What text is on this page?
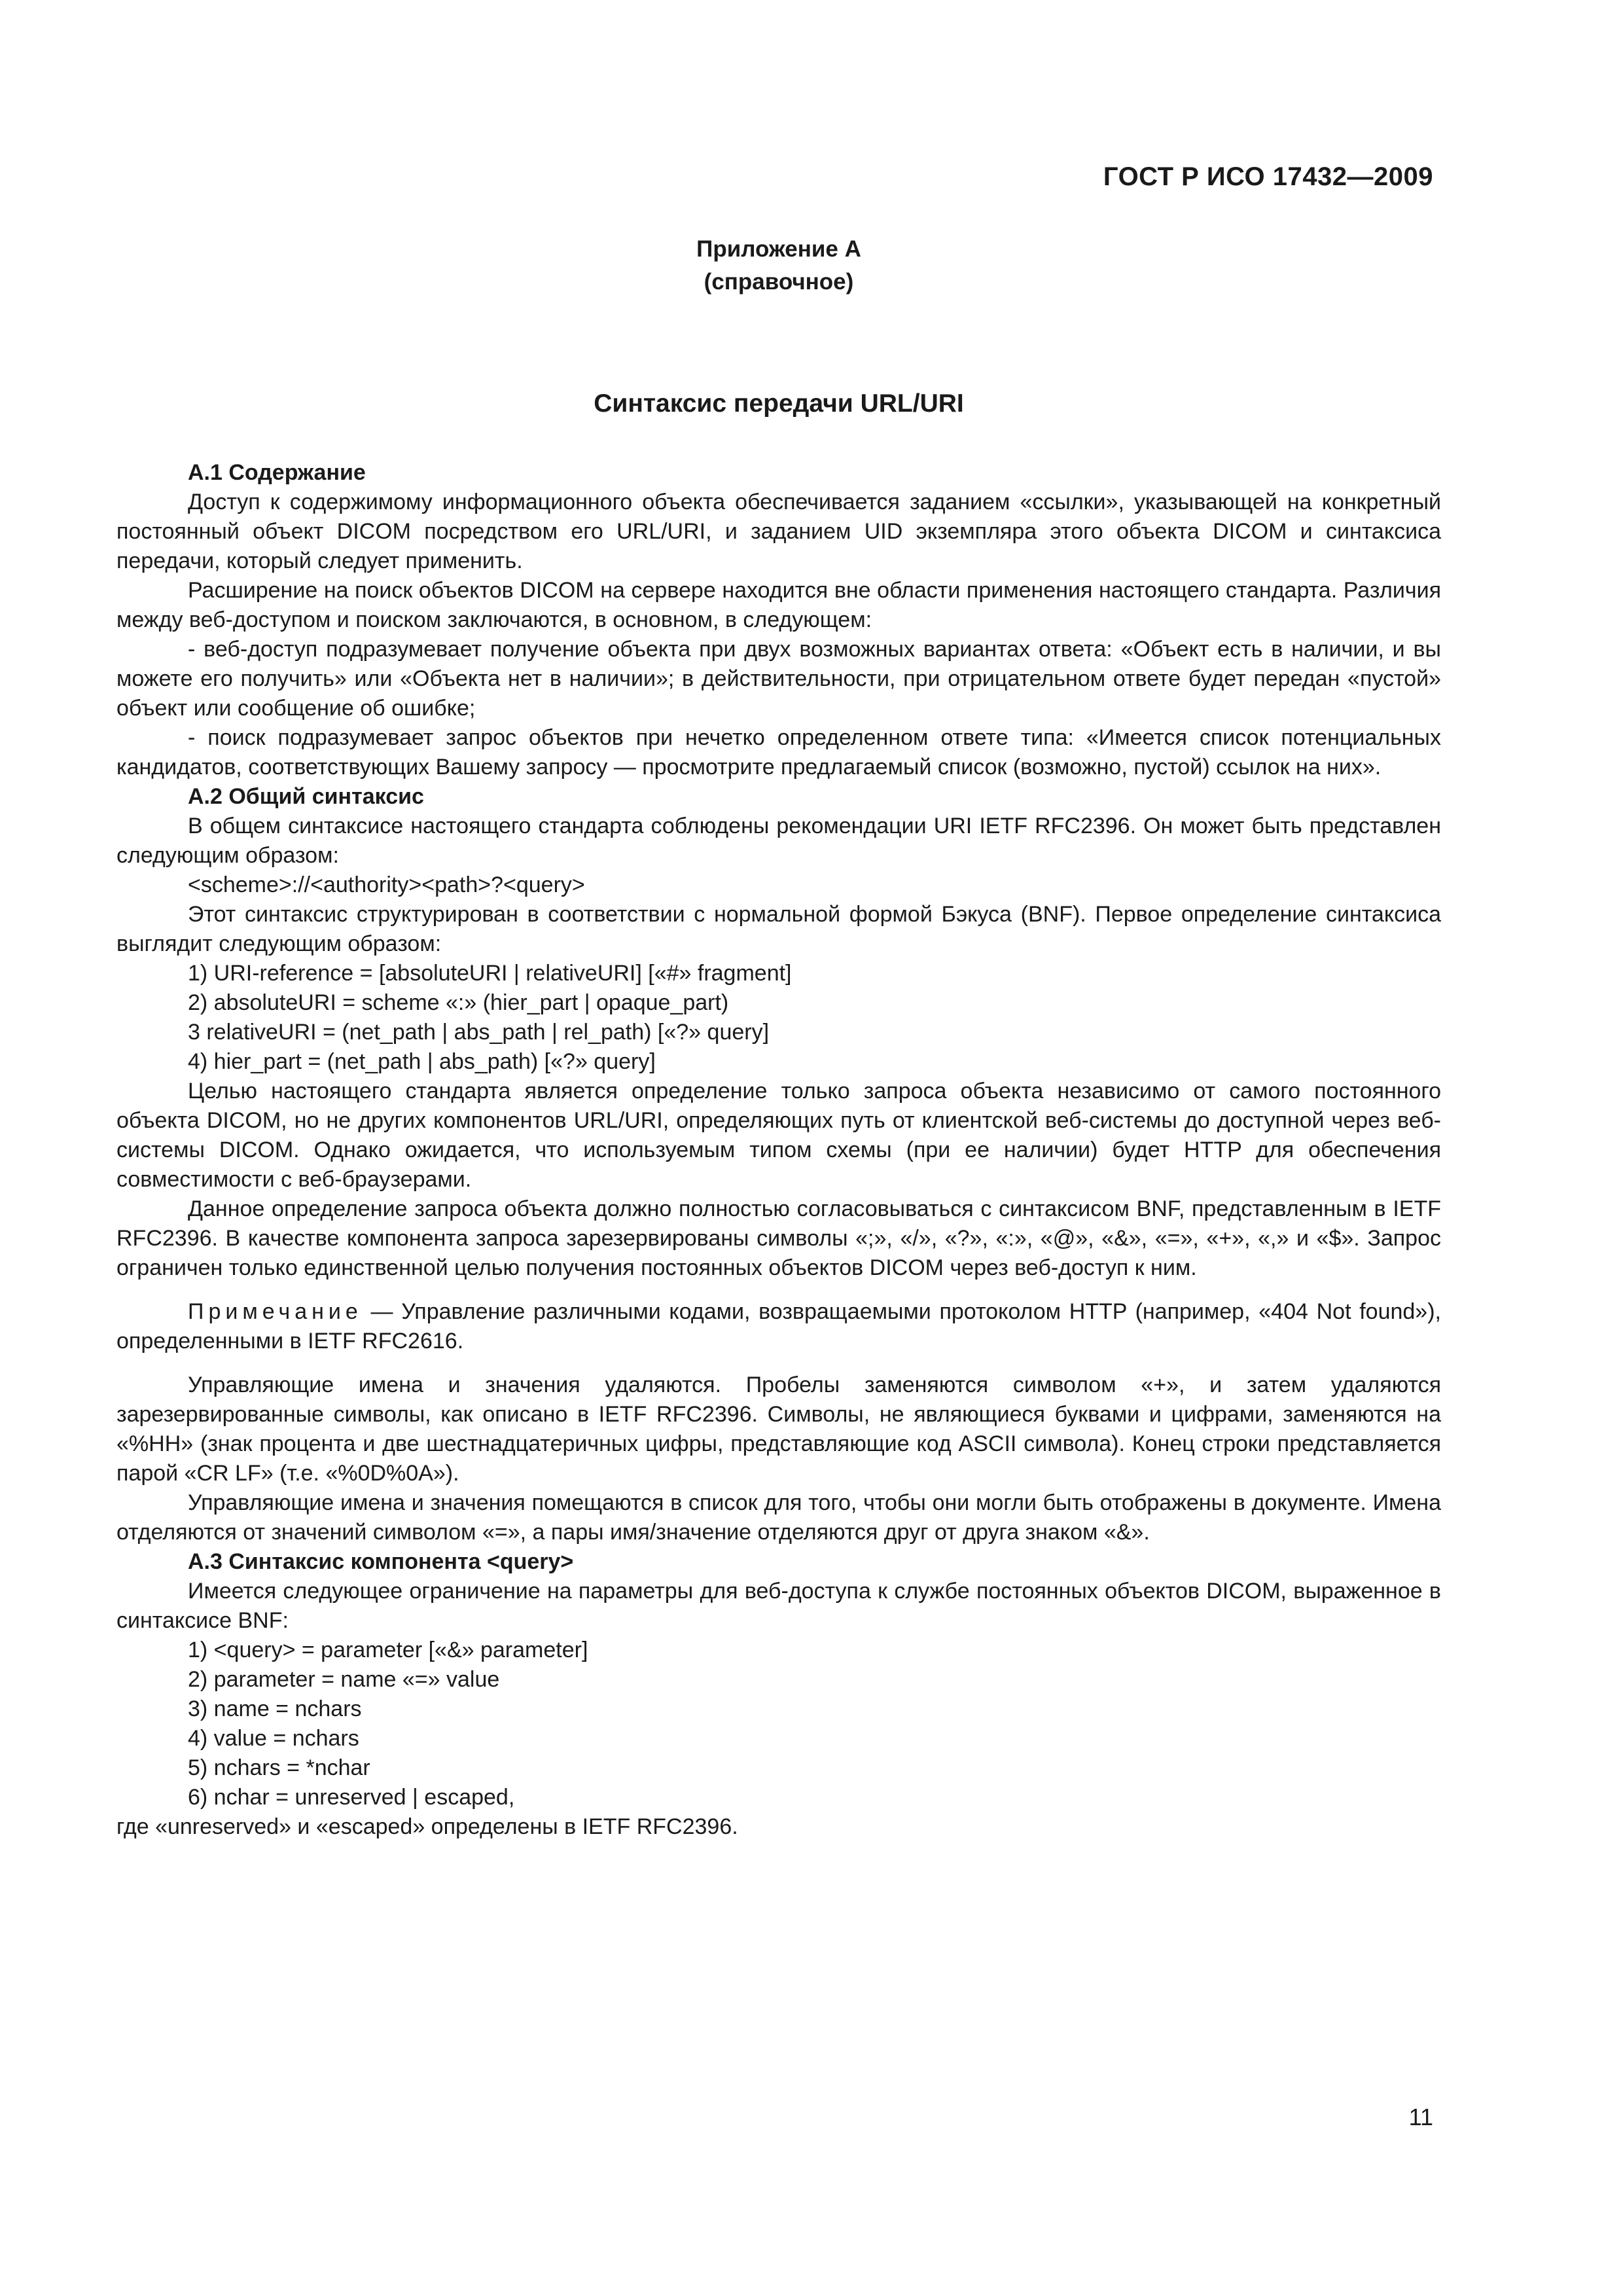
ГОСТ Р ИСО 17432—2009
Приложение А
(справочное)
Синтаксис передачи URL/URI

А.1 Содержание

Доступ к содержимому информационного объекта обеспечивается заданием «ссылки», указывающей на конкретный постоянный объект DICOM посредством его URL/URI, и заданием UID экземпляра этого объекта DICOM и синтаксиса передачи, который следует применить.

Расширение на поиск объектов DICOM на сервере находится вне области применения настоящего стандарта. Различия между веб-доступом и поиском заключаются, в основном, в следующем:

- веб-доступ подразумевает получение объекта при двух возможных вариантах ответа: «Объект есть в наличии, и вы можете его получить» или «Объекта нет в наличии»; в действительности, при отрицательном ответе будет передан «пустой» объект или сообщение об ошибке;

- поиск подразумевает запрос объектов при нечетко определенном ответе типа: «Имеется список потенциальных кандидатов, соответствующих Вашему запросу — просмотрите предлагаемый список (возможно, пустой) ссылок на них».

А.2 Общий синтаксис

В общем синтаксисе настоящего стандарта соблюдены рекомендации URI IETF RFC2396. Он может быть представлен следующим образом:

<scheme>://<authority><path>?<query>

Этот синтаксис структурирован в соответствии с нормальной формой Бэкуса (BNF). Первое определение синтаксиса выглядит следующим образом:

1) URI-reference = [absoluteURI | relativeURI] [«#» fragment]

2) absoluteURI = scheme «:» (hier_part | opaque_part)

3 relativeURI = (net_path | abs_path | rel_path) [«?» query]

4) hier_part = (net_path | abs_path) [«?» query]

Целью настоящего стандарта является определение только запроса объекта независимо от самого постоянного объекта DICOM, но не других компонентов URL/URI, определяющих путь от клиентской веб-системы до доступной через веб-системы DICOM. Однако ожидается, что используемым типом схемы (при ее наличии) будет HTTP для обеспечения совместимости с веб-браузерами.

Данное определение запроса объекта должно полностью согласовываться с синтаксисом BNF, представленным в IETF RFC2396. В качестве компонента запроса зарезервированы символы «;», «/», «?», «:», «@», «&», «=», «+», «,» и «$». Запрос ограничен только единственной целью получения постоянных объектов DICOM через веб-доступ к ним.

Примечание — Управление различными кодами, возвращаемыми протоколом HTTP (например, «404 Not found»), определенными в IETF RFC2616.

Управляющие имена и значения удаляются. Пробелы заменяются символом «+», и затем удаляются зарезервированные символы, как описано в IETF RFC2396. Символы, не являющиеся буквами и цифрами, заменяются на «%HH» (знак процента и две шестнадцатеричных цифры, представляющие код ASCII символа). Конец строки представляется парой «CR LF» (т.е. «%0D%0A»).

Управляющие имена и значения помещаются в список для того, чтобы они могли быть отображены в документе. Имена отделяются от значений символом «=», а пары имя/значение отделяются друг от друга знаком «&».

А.3 Синтаксис компонента <query>

Имеется следующее ограничение на параметры для веб-доступа к службе постоянных объектов DICOM, выраженное в синтаксисе BNF:

1) <query> = parameter [«&» parameter]

2) parameter = name «=» value

3) name = nchars

4) value = nchars

5) nchars = *nchar

6) nchar = unreserved | escaped,

где «unreserved» и «escaped» определены в IETF RFC2396.

11
